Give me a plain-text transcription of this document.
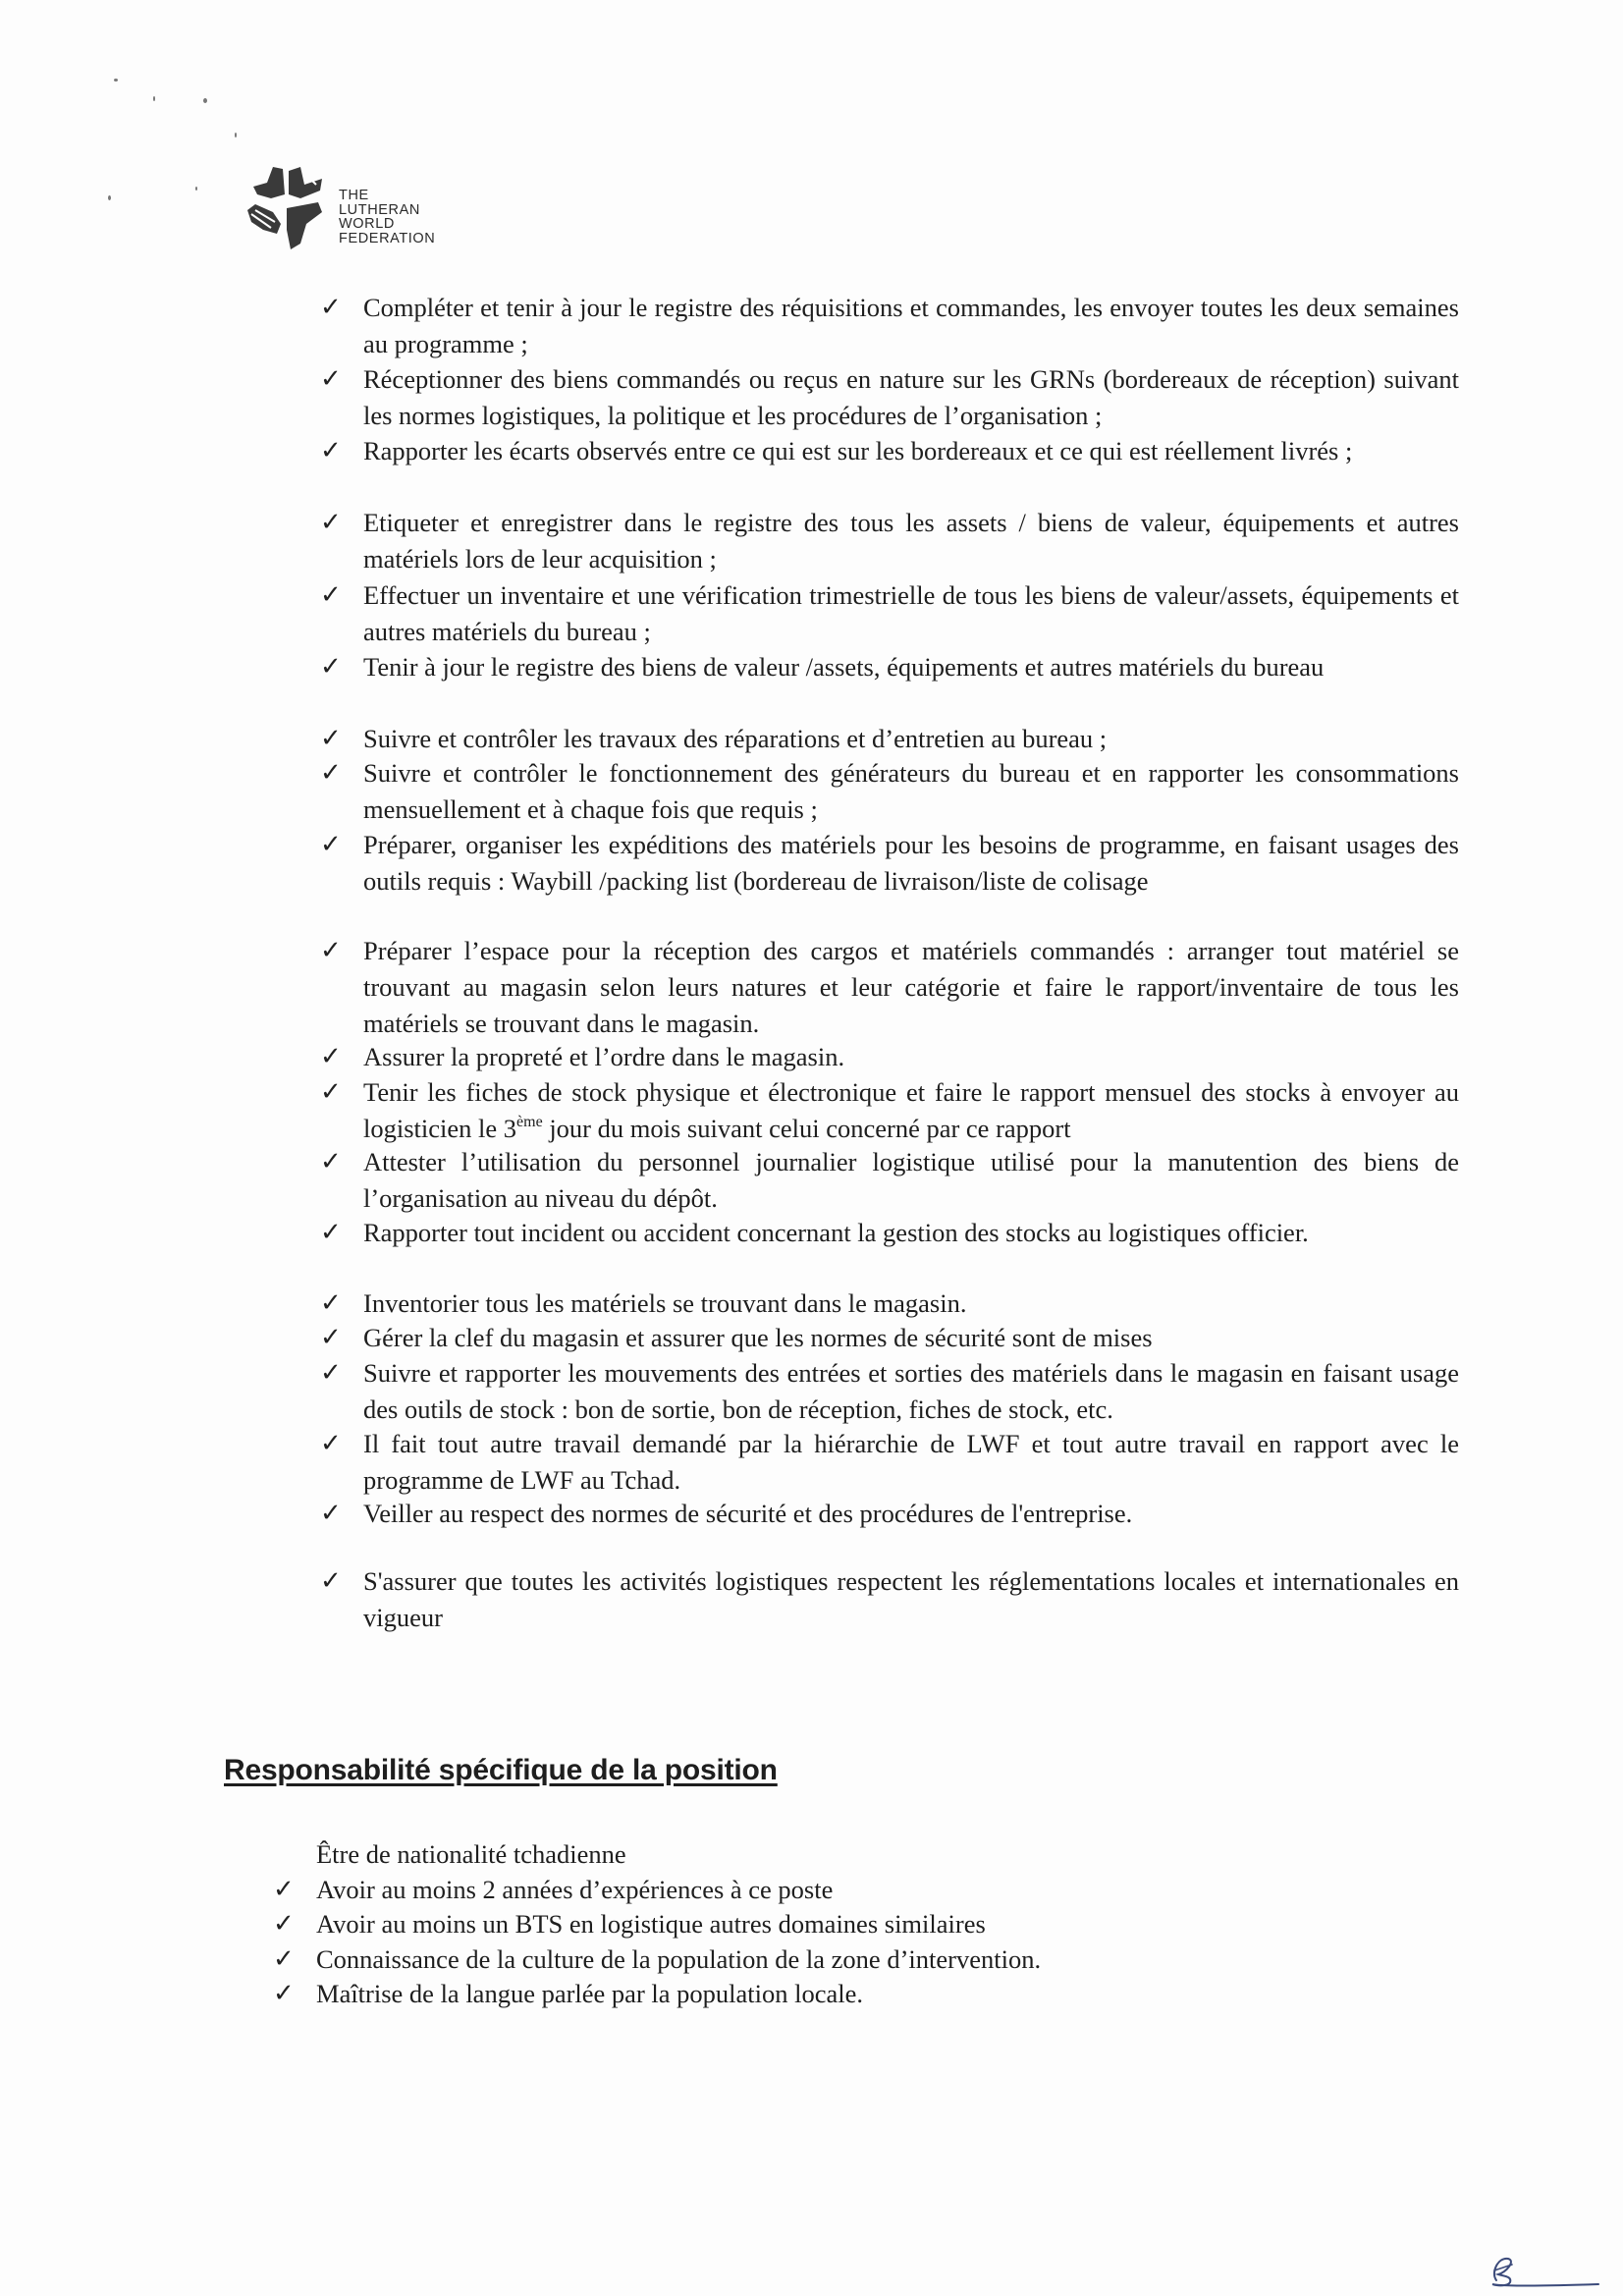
THE
LUTHERAN
WORLD
FEDERATION
✓ Compléter et tenir à jour le registre des réquisitions et commandes, les envoyer toutes les deux semaines au programme ;
✓ Réceptionner des biens commandés ou reçus en nature sur les GRNs (bordereaux de réception) suivant les normes logistiques, la politique et les procédures de l’organisation ;
✓ Rapporter les écarts observés entre ce qui est sur les bordereaux et ce qui est réellement livrés ;
✓ Etiqueter et enregistrer dans le registre des tous les assets / biens de valeur, équipements et autres matériels lors de leur acquisition ;
✓ Effectuer un inventaire et une vérification trimestrielle de tous les biens de valeur/assets, équipements et autres matériels du bureau ;
✓ Tenir à jour le registre des biens de valeur /assets, équipements et autres matériels du bureau
✓ Suivre et contrôler les travaux des réparations et d’entretien au bureau ;
✓ Suivre et contrôler le fonctionnement des générateurs du bureau et en rapporter les consommations mensuellement et à chaque fois que requis ;
✓ Préparer, organiser les expéditions des matériels pour les besoins de programme, en faisant usages des outils requis : Waybill /packing list (bordereau de livraison/liste de colisage
✓ Préparer l’espace pour la réception des cargos et matériels commandés : arranger tout matériel se trouvant au magasin selon leurs natures et leur catégorie et faire le rapport/inventaire de tous les matériels se trouvant dans le magasin.
✓ Assurer la propreté et l’ordre dans le magasin.
✓ Tenir les fiches de stock physique et électronique et faire le rapport mensuel des stocks à envoyer au logisticien le 3ème jour du mois suivant celui concerné par ce rapport
✓ Attester l’utilisation du personnel journalier logistique utilisé pour la manutention des biens de l’organisation au niveau du dépôt.
✓ Rapporter tout incident ou accident concernant la gestion des stocks au logistiques officier.
✓ Inventorier tous les matériels se trouvant dans le magasin.
✓ Gérer la clef du magasin et assurer que les normes de sécurité sont de mises
✓ Suivre et rapporter les mouvements des entrées et sorties des matériels dans le magasin en faisant usage des outils de stock : bon de sortie, bon de réception, fiches de stock, etc.
✓ Il fait tout autre travail demandé par la hiérarchie de LWF et tout autre travail en rapport avec le programme de LWF au Tchad.
✓ Veiller au respect des normes de sécurité et des procédures de l'entreprise.
✓ S'assurer que toutes les activités logistiques respectent les réglementations locales et internationales en vigueur
Responsabilité spécifique de la position
Être de nationalité tchadienne
✓ Avoir au moins 2 années d’expériences à ce poste
✓ Avoir au moins un BTS en logistique autres domaines similaires
✓ Connaissance de la culture de la population de la zone d’intervention.
✓ Maîtrise de la langue parlée par la population locale.
